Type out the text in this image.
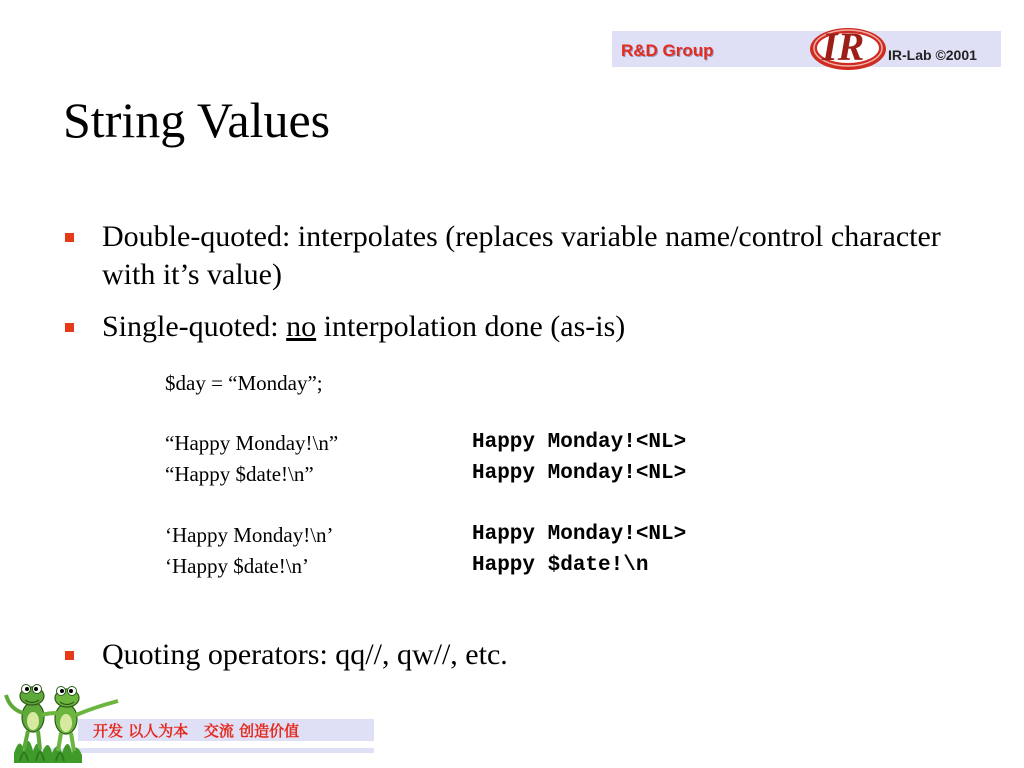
R&D Group	IR IR-Lab ©2001
String Values
Double-quoted: interpolates (replaces variable name/control character with it’s value)
Single-quoted: no interpolation done (as-is)
$day = “Monday”;
“Happy Monday!\n”	Happy Monday!<NL>
“Happy $date!\n”	Happy Monday!<NL>
‘Happy Monday!\n’	Happy Monday!<NL>
‘Happy $date!\n’	Happy $date!\n
Quoting operators: qq//, qw//, etc.
开发 以人为本   交流 创造价值
